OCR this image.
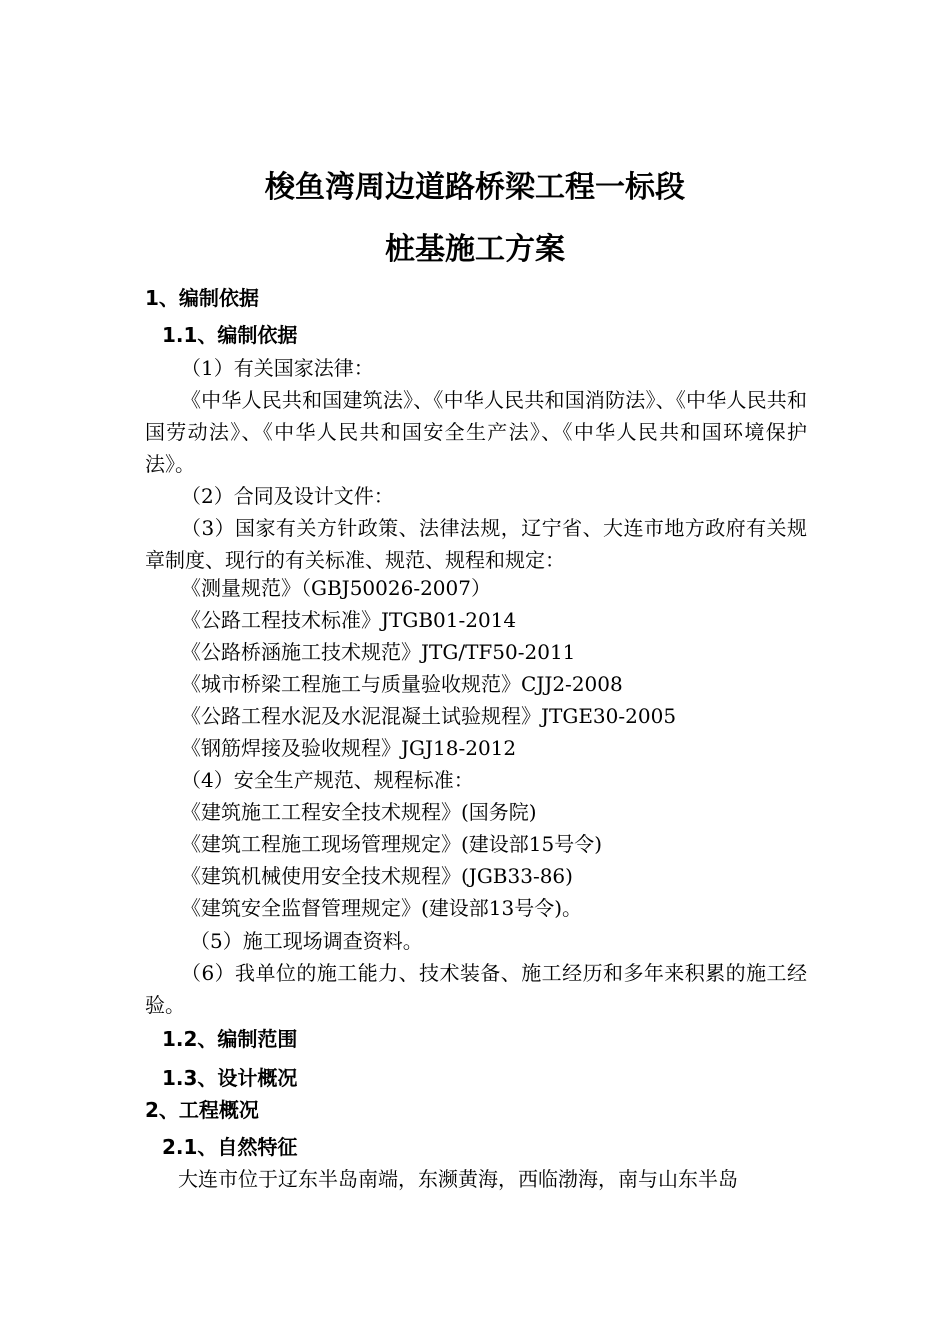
梭鱼湾周边道路桥梁工程一标段
桩基施工方案
1、编制依据
1.1、编制依据

（1）有关国家法律：

《中华人民共和国建筑法》、《中华人民共和国消防法》、《中华人民共和国劳动法》、《中华人民共和国安全生产法》、《中华人民共和国环境保护法》。

（2）合同及设计文件：

（3）国家有关方针政策、法律法规，辽宁省、大连市地方政府有关规章制度、现行的有关标准、规范、规程和规定：

《测量规范》（GBJ50026-2007）

《公路工程技术标准》JTGB01-2014

《公路桥涵施工技术规范》JTG/TF50-2011

《城市桥梁工程施工与质量验收规范》CJJ2-2008

《公路工程水泥及水泥混凝土试验规程》JTGE30-2005

《钢筋焊接及验收规程》JGJ18-2012

（4）安全生产规范、规程标准：

《建筑施工工程安全技术规程》(国务院)

《建筑工程施工现场管理规定》(建设部15号令)

《建筑机械使用安全技术规程》(JGB33-86)

《建筑安全监督管理规定》(建设部13号令)。

（5）施工现场调查资料。

（6）我单位的施工能力、技术装备、施工经历和多年来积累的施工经验。

1.2、编制范围
1.3、设计概况
2、工程概况
2.1、自然特征

大连市位于辽东半岛南端，东濒黄海，西临渤海，南与山东半岛
